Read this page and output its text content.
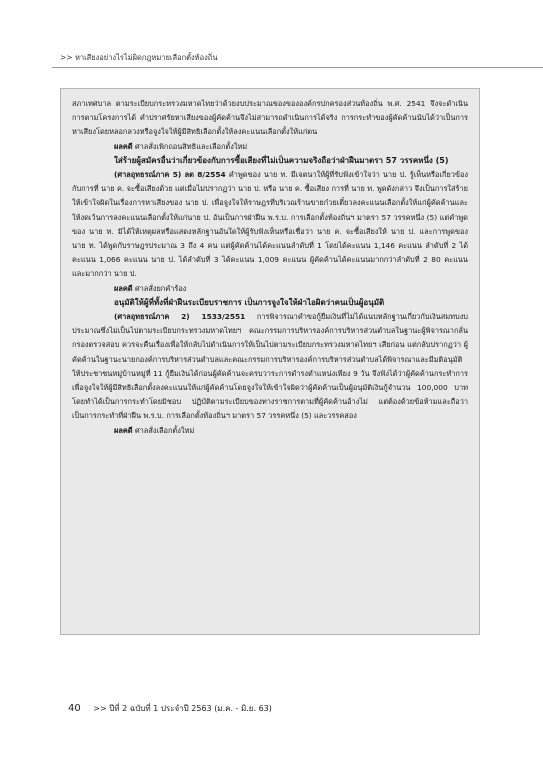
>> หาเสียงอย่างไรไม่ผิดกฎหมายเลือกตั้งท้องถิ่น

สภาเทศบาล ตามระเบียบกระทรวงมหาดไทยว่าด้วยงบประมาณของขององค์กรปกครองส่วนท้องถิ่น พ.ศ. 2541 จึงจะดำเนินการตามโครงการได้ คำปราศรัยหาเสียงของผู้คัดค้านจึงไม่สามารถดำเนินการได้จริง การกระทำของผู้คัดค้านนับได้ว่าเป็นการหาเสียงโดยหลอกลวงหรือจูงใจให้ผู้มีสิทธิเลือกตั้งให้ลงคะแนนเลือกตั้งให้แก่ตน

ผลคดี ศาลสั่งเพิกถอนสิทธิและเลือกตั้งใหม่

ใส่ร้ายผู้สมัครอื่นว่าเกี่ยวข้องกับการซื้อเสียงที่ไม่เป็นความจริงถือว่าฝ่าฝืนมาตรา 57 วรรคหนึ่ง (5)

(ศาลอุทธรณ์ภาค 5) ลต 8/2554 คำพูดของ นาย ท. มีเจตนาให้ผู้ที่รับฟังเข้าใจว่า นาย ป. รู้เห็นหรือเกี่ยวข้องกับการที่ นาย ค. จะซื้อเสียงด้วย แต่เมื่อไม่ปรากฏว่า นาย ป. หรือ นาย ค. ซื้อเสียง การที่ นาย ท. พูดดังกล่าว จึงเป็นการใส่ร้ายให้เข้าใจผิดในเรื่องการหาเสียงของ นาย ป. เพื่อจูงใจให้ราษฎรที่บริเวณร้านขายก๋วยเตี๋ยวลงคะแนนเลือกตั้งให้แก่ผู้คัดค้านและให้งดเว้นการลงคะแนนเลือกตั้งให้แก่นาย ป. อันเป็นการฝ่าฝืน พ.ร.บ. การเลือกตั้งท้องถิ่นฯ มาตรา 57 วรรคหนึ่ง (5) แต่คำพูดของ นาย ท. มิได้ให้เหตุผลหรือแสดงหลักฐานอันใดให้ผู้รับฟังเห็นหรือเชื่อว่า นาย ค. จะซื้อเสียงให้ นาย ป. และการพูดของ นาย ท. ได้พูดกับราษฎรประมาณ 3 ถึง 4 คน แต่ผู้คัดค้านได้คะแนนลำดับที่ 1 โดยได้คะแนน 1,146 คะแนน ลำดับที่ 2 ได้คะแนน 1,066 คะแนน นาย ป. ได้ลำดับที่ 3 ได้คะแนน 1,009 คะแนน ผู้คัดค้านได้คะแนนมากกว่าลำดับที่ 2 80 คะแนน และมากกว่า นาย ป.

ผลคดี ศาลสั่งยกคำร้อง

อนุมัติให้ผู้ที่ทั้งที่ฝ่าฝืนระเบียบราชการ เป็นการจูงใจให้ฝ่าไอผิดว่าคนเป็นผู้อนุมัติ

(ศาลอุทธรณ์ภาค 2) 1533/2551 การพิจารณาคำขอกู้ยืมเงินที่ไม่ได้แนบหลักฐานเกี่ยวกับเงินสมทบงบประมาณซึ่งไม่เป็นไปตามระเบียบกระทรวงมหาดไทยฯ คณะกรรมการบริหารองค์การบริหารส่วนตำบลในฐานะผู้พิจารณากลั่นกรองตรวจสอบ ควรจะคืนเรื่องเพื่อให้กลับไปดำเนินการให้เป็นไปตามระเบียบกระทรวงมหาดไทยฯ เสียก่อน แต่กลับปรากฏว่า ผู้คัดค้านในฐานะนายกองค์การบริหารส่วนตำบลและคณะกรรมการบริหารองค์การบริหารส่วนตำบลได้พิจารณาและมีมติอนุมัติให้ประชาชนหมู่บ้านหมู่ที่ 11 กู้ยืมเงินได้ก่อนผู้คัดค้านจะครบวาระการดำรงตำแหน่งเพียง 9 วัน จึงฟังได้ว่าผู้คัดค้านกระทำการเพื่อจูงใจให้ผู้มีสิทธิเลือกตั้งลงคะแนนให้แก่ผู้คัดค้านโดยจูงใจให้เข้าใจผิดว่าผู้คัดค้านเป็นผู้อนุมัติเงินกู้จำนวน 100,000 บาท โดยทำได้เป็นการกระทำโดยมิชอบ ปฏิบัติตามระเบียบของทางราชการตามที่ผู้คัดค้านอ้างไม่ แต่ต้องด้วยข้อห้ามและถือว่าเป็นการกระทำที่ฝ่าฝืน พ.ร.บ. การเลือกตั้งท้องถิ่นฯ มาตรา 57 วรรคหนึ่ง (5) และวรรคสอง

ผลคดี ศาลสั่งเลือกตั้งใหม่

40 >> ปีที่ 2 ฉบับที่ 1 ประจำปี 2563 (ม.ค. - มิ.ย. 63)
